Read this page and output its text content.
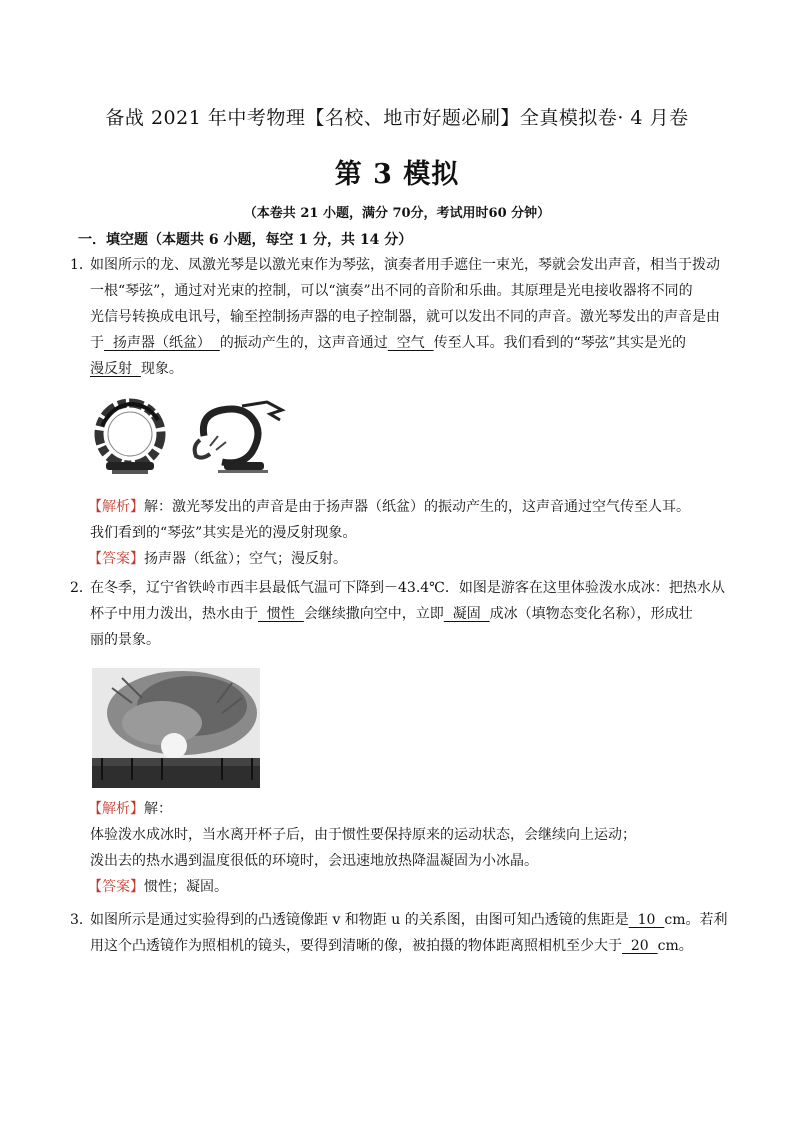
备战 2021 年中考物理【名校、地市好题必刷】全真模拟卷· 4 月卷
第 3 模拟
（本卷共 21 小题，满分 70分，考试用时60 分钟）
一．填空题（本题共 6 小题，每空 1 分，共 14 分）
1．
如图所示的龙、凤激光琴是以激光束作为琴弦，演奏者用手遮住一束光，琴就会发出声音，相当于拨动
一根“琴弦”，通过对光束的控制，可以“演奏”出不同的音阶和乐曲。其原理是光电接收器将不同的
光信号转换成电讯号，输至控制扬声器的电子控制器，就可以发出不同的声音。激光琴发出的声音是由
于  扬声器（纸盆）  的振动产生的，这声音通过  空气  传至人耳。我们看到的“琴弦”其实是光的
漫反射  现象。
【解析】解：激光琴发出的声音是由于扬声器（纸盆）的振动产生的，这声音通过空气传至人耳。
我们看到的“琴弦”其实是光的漫反射现象。
【答案】扬声器（纸盆）；空气；漫反射。
2．
在冬季，辽宁省铁岭市西丰县最低气温可下降到－43.4℃．如图是游客在这里体验泼水成冰：把热水从
杯子中用力泼出，热水由于  惯性  会继续撒向空中，立即  凝固  成冰（填物态变化名称），形成壮
丽的景象。
【解析】解：
体验泼水成冰时，当水离开杯子后，由于惯性要保持原来的运动状态，会继续向上运动；
泼出去的热水遇到温度很低的环境时，会迅速地放热降温凝固为小冰晶。
【答案】惯性；凝固。
3．
如图所示是通过实验得到的凸透镜像距 v 和物距 u 的关系图，由图可知凸透镜的焦距是  10  cm。若利
用这个凸透镜作为照相机的镜头，要得到清晰的像，被拍摄的物体距离照相机至少大于  20  cm。
